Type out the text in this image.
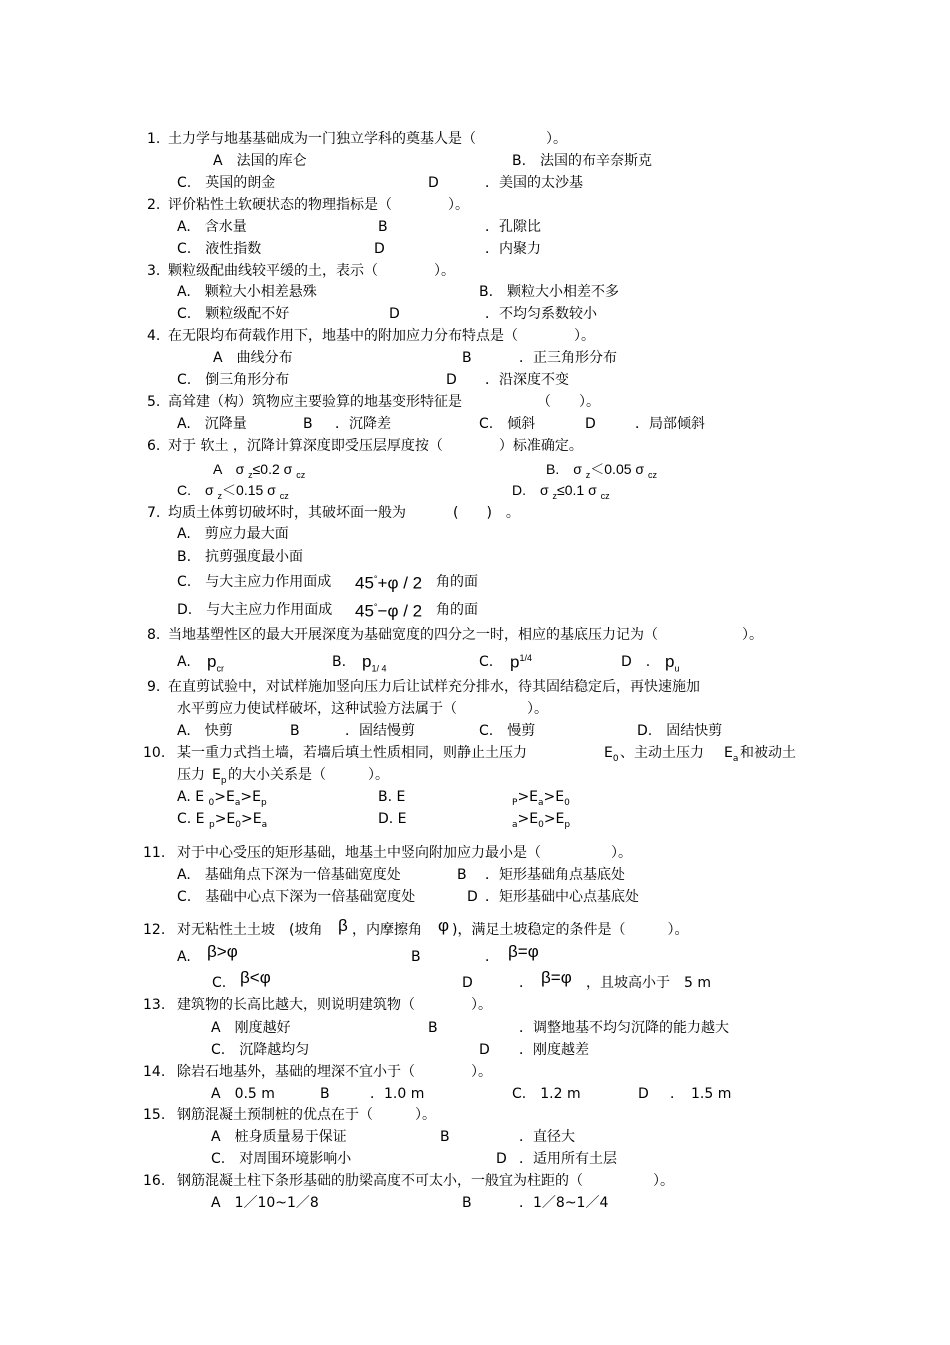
1. 土力学与地基基础成为一门独立学科的奠基人是（　　　　　）。
A　法国的库仑	B.　法国的布辛奈斯克
C.　英国的朗金	D	．美国的太沙基
2. 评价粘性土软硬状态的物理指标是（　　　　）。
A.　含水量	B	．孔隙比
C.　液性指数	D	．内聚力
3. 颗粒级配曲线较平缓的土，表示（　　　　）。
A.　颗粒大小相差悬殊	B.　颗粒大小相差不多
C.　颗粒级配不好	D	．不均匀系数较小
4. 在无限均布荷载作用下，地基中的附加应力分布特点是（　　　　）。
A　曲线分布	B	．正三角形分布
C.　倒三角形分布	D ．沿深度不变
5. 高耸建（构）筑物应主要验算的地基变形特征是	（　　）。
A.　沉降量	B ．沉降差	C.　倾斜	D	．局部倾斜
6. 对于 软土 ，沉降计算深度即受压层厚度按（　　　　）标准确定。
A　σ $_z$≤0.2 σ $_{cz}$	B.　σ $_z$＜0.05 σ $_{cz}$
C.　σ $_z$＜0.15 σ $_{cz}$	D.　σ $_z$≤0.1 σ $_{cz}$
7. 均质土体剪切破坏时，其破坏面一般为	(　　)　。
A.　剪应力最大面
B.　抗剪强度最小面
C.　与大主应力作用面成 45°+φ / 2 角的面
D.　与大主应力作用面成 45°−φ / 2 角的面
8. 当地基塑性区的最大开展深度为基础宽度的四分之一时，相应的基底压力记为（　　　　　　）。
A. $p_{cr}$	B. $p_{1/ 4}$	C. $p^{1/4}$	D　. $p_u$
9. 在直剪试验中，对试样施加竖向压力后让试样充分排水，待其固结稳定后，再快速施加
水平剪应力使试样破坏，这种试验方法属于（　　　　　）。
A.　快剪	B	．固结慢剪	C.　慢剪	D.　固结快剪
10. 某一重力式挡土墙，若墙后填土性质相同，则静止土压力	$E_0$ 、主动土压力 $E_a$ 和被动土
压力 $E_p$ 的大小关系是（　　　）。
A. E $_0>E_a>E_p$	B. E	$_P>E_a>E_0$
C. E $_p>E_0>E_a$	D. E	$_a>E_0>E_p$
11. 对于中心受压的矩形基础，地基土中竖向附加应力最小是（　　　　　）。
A.　基础角点下深为一倍基础宽度处	B ．矩形基础角点基底处
C.　基础中心点下深为一倍基础宽度处	D ．矩形基础中心点基底处
12. 对无粘性土土坡　(坡角 β ，内摩擦角 φ )，满足土坡稳定的条件是（　　　）。
A. β>φ	B	． β=φ
C. β<φ	D	． β=φ ，且坡高小于　5 m
13. 建筑物的长高比越大，则说明建筑物（　　　　）。
A　刚度越好	B	．调整地基不均匀沉降的能力越大
C.　沉降越均匀	D ．刚度越差
14. 除岩石地基外，基础的埋深不宜小于（　　　　）。
A　0.5 m	B	．1.0 m	C.　1.2 m	D ．　1.5 m
15. 钢筋混凝土预制桩的优点在于（　　　）。
A　桩身质量易于保证	B	．直径大
C.　对周围环境影响小	D ．适用所有土层
16. 钢筋混凝土柱下条形基础的肋梁高度不可太小，一般宜为柱距的（　　　　　）。
A　1／10~1／8	B	．1／8~1／4
